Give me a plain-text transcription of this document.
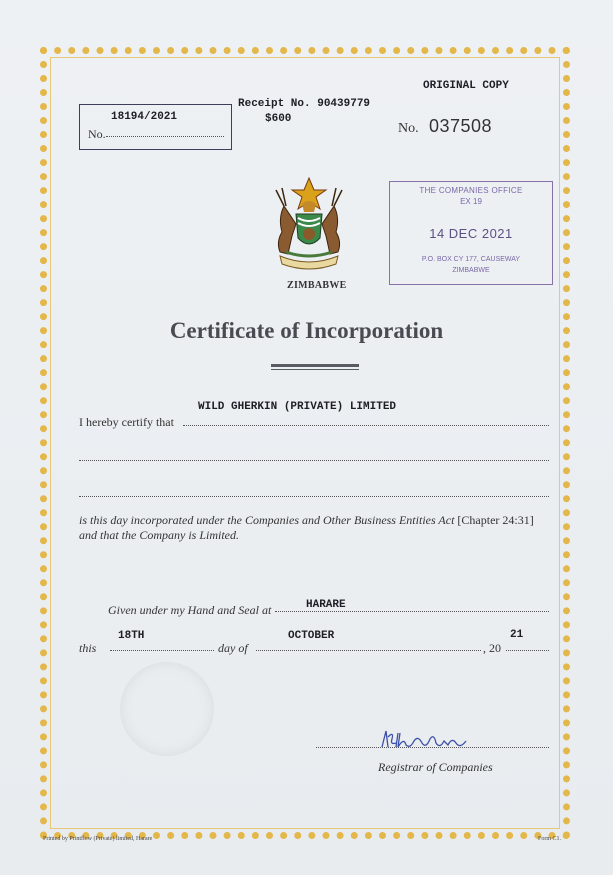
ORIGINAL COPY
18194/2021
No.
Receipt No. 90439779
$600
No. 037508
ZIMBABWE
THE COMPANIES OFFICE
EX 19
14 DEC 2021
P.O. BOX CY 177, CAUSEWAY
ZIMBABWE
Certificate of Incorporation
WILD GHERKIN (PRIVATE) LIMITED
I hereby certify that
is this day incorporated under the Companies and Other Business Entities Act [Chapter 24:31]
and that the Company is Limited.
Given under my Hand and Seal at	HARARE
this
18TH
day of
OCTOBER
, 20
21
Registrar of Companies
Printed by Printflow (Private) limited, Harare	Form C1.
